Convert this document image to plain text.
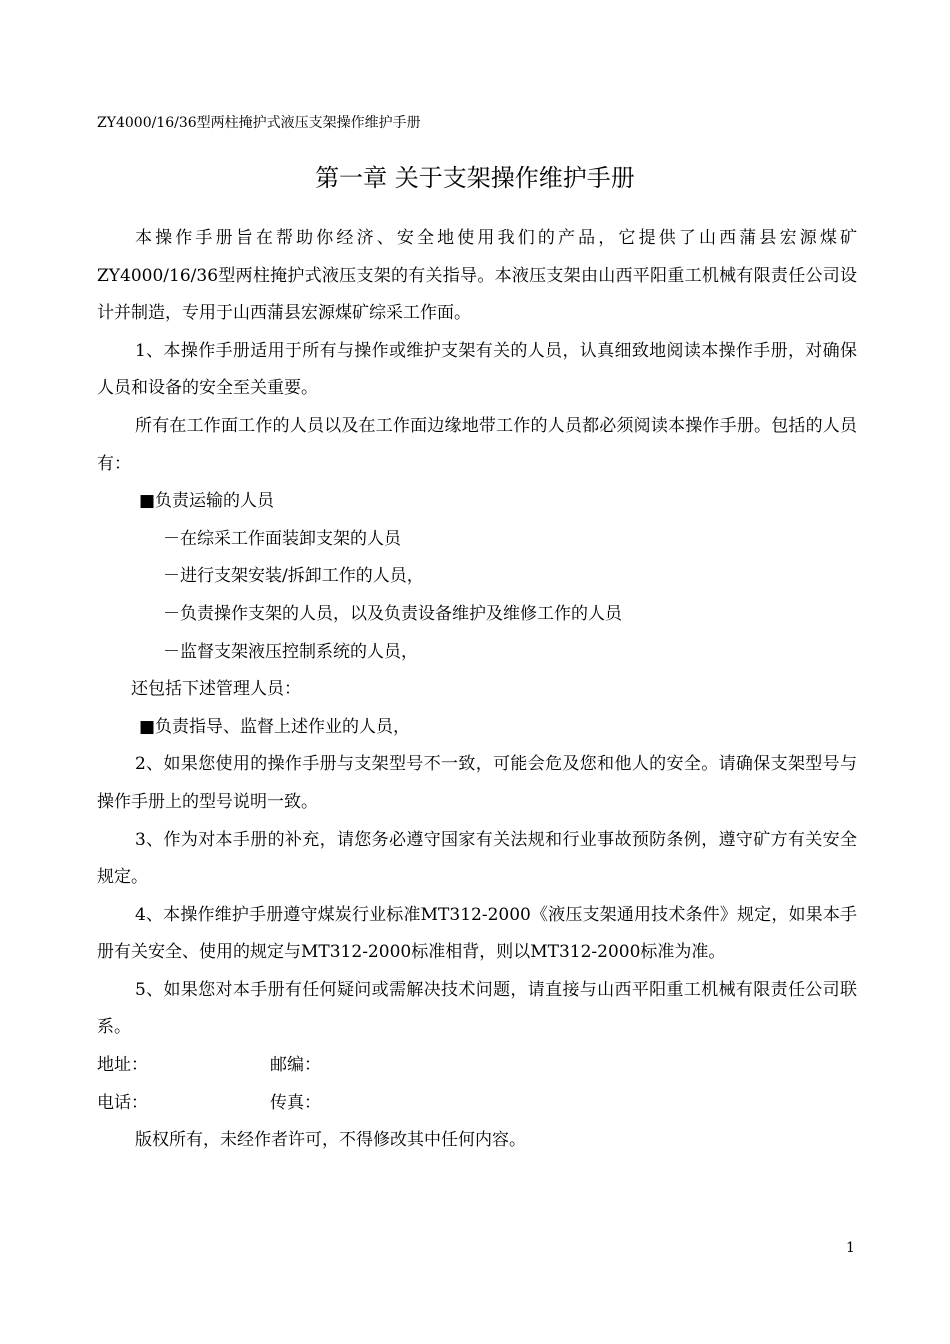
ZY4000/16/36型两柱掩护式液压支架操作维护手册
第一章 关于支架操作维护手册

本操作手册旨在帮助你经济、安全地使用我们的产品，它提供了山西蒲县宏源煤矿ZY4000/16/36型两柱掩护式液压支架的有关指导。本液压支架由山西平阳重工机械有限责任公司设计并制造，专用于山西蒲县宏源煤矿综采工作面。

1、本操作手册适用于所有与操作或维护支架有关的人员，认真细致地阅读本操作手册，对确保人员和设备的安全至关重要。

所有在工作面工作的人员以及在工作面边缘地带工作的人员都必须阅读本操作手册。包括的人员有：

■负责运输的人员

－在综采工作面装卸支架的人员

－进行支架安装/拆卸工作的人员，

－负责操作支架的人员，以及负责设备维护及维修工作的人员

－监督支架液压控制系统的人员，

还包括下述管理人员：

■负责指导、监督上述作业的人员，

2、如果您使用的操作手册与支架型号不一致，可能会危及您和他人的安全。请确保支架型号与操作手册上的型号说明一致。

3、作为对本手册的补充，请您务必遵守国家有关法规和行业事故预防条例，遵守矿方有关安全规定。

4、本操作维护手册遵守煤炭行业标准MT312-2000《液压支架通用技术条件》规定，如果本手册有关安全、使用的规定与MT312-2000标准相背，则以MT312-2000标准为准。

5、如果您对本手册有任何疑问或需解决技术问题，请直接与山西平阳重工机械有限责任公司联系。

地址：	邮编：
电话：	传真：

版权所有，未经作者许可，不得修改其中任何内容。

1
